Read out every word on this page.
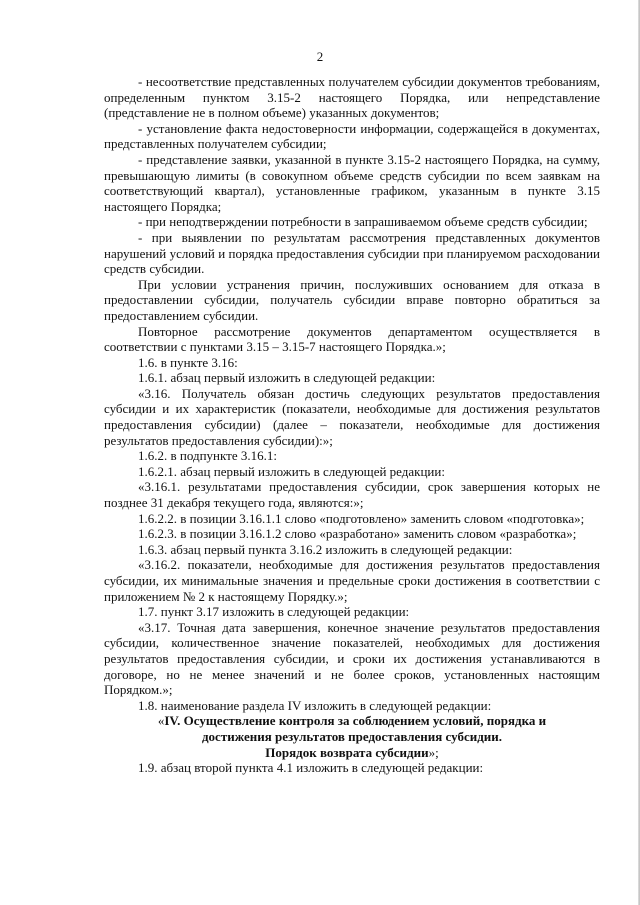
2

- несоответствие представленных получателем субсидии документов требованиям, определенным пунктом 3.15-2 настоящего Порядка, или непредставление (представление не в полном объеме) указанных документов;

- установление факта недостоверности информации, содержащейся в документах, представленных получателем субсидии;

- представление заявки, указанной в пункте 3.15-2 настоящего Порядка, на сумму, превышающую лимиты (в совокупном объеме средств субсидии по всем заявкам на соответствующий квартал), установленные графиком, указанным в пункте 3.15 настоящего Порядка;

- при неподтверждении потребности в запрашиваемом объеме средств субсидии;

- при выявлении по результатам рассмотрения представленных документов нарушений условий и порядка предоставления субсидии при планируемом расходовании средств субсидии.

При условии устранения причин, послуживших основанием для отказа в предоставлении субсидии, получатель субсидии вправе повторно обратиться за предоставлением субсидии.

Повторное рассмотрение документов департаментом осуществляется в соответствии с пунктами 3.15 – 3.15-7 настоящего Порядка.»;

1.6. в пункте 3.16:

1.6.1. абзац первый изложить в следующей редакции:

«3.16. Получатель обязан достичь следующих результатов предоставления субсидии и их характеристик (показатели, необходимые для достижения результатов предоставления субсидии) (далее – показатели, необходимые для достижения результатов предоставления субсидии):»;

1.6.2. в подпункте 3.16.1:

1.6.2.1. абзац первый изложить в следующей редакции:

«3.16.1. результатами предоставления субсидии, срок завершения которых не позднее 31 декабря текущего года, являются:»;

1.6.2.2. в позиции 3.16.1.1 слово «подготовлено» заменить словом «подготовка»;

1.6.2.3. в позиции 3.16.1.2 слово «разработано» заменить словом «разработка»;

1.6.3. абзац первый пункта 3.16.2 изложить в следующей редакции:

«3.16.2. показатели, необходимые для достижения результатов предоставления субсидии, их минимальные значения и предельные сроки достижения в соответствии с приложением № 2 к настоящему Порядку.»;

1.7. пункт 3.17 изложить в следующей редакции:

«3.17. Точная дата завершения, конечное значение результатов предоставления субсидии, количественное значение показателей, необходимых для достижения результатов предоставления субсидии, и сроки их достижения устанавливаются в договоре, но не менее значений и не более сроков, установленных настоящим Порядком.»;

1.8. наименование раздела IV изложить в следующей редакции:

«IV. Осуществление контроля за соблюдением условий, порядка и

достижения результатов предоставления субсидии.

Порядок возврата субсидии»;

1.9. абзац второй пункта 4.1 изложить в следующей редакции:
